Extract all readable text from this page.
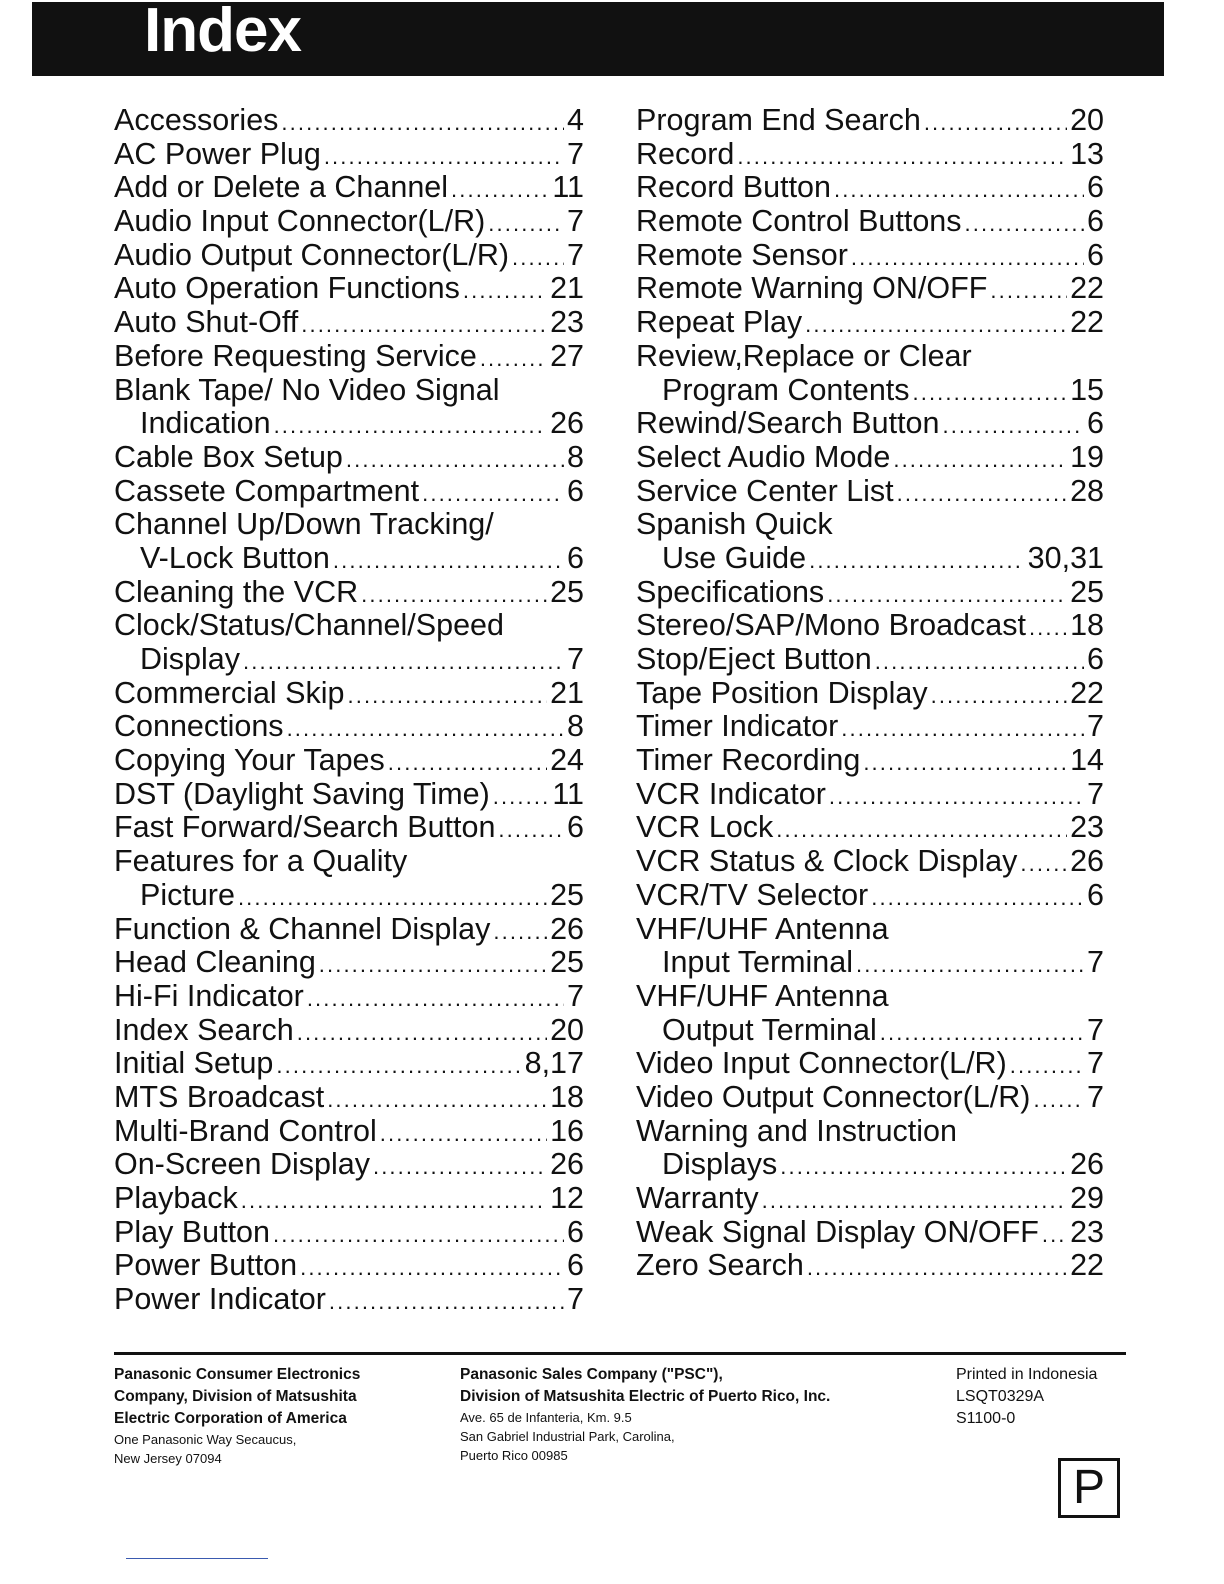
Index
Accessories . . .	4
AC Power Plug . . .	7
Add or Delete a Channel . . .	11
Audio Input Connector(L/R) . . .	7
Audio Output Connector(L/R) . . . 7
Auto Operation Functions . . .	21
Auto Shut-Off . . .	23
Before Requesting Service . . . 27
Blank Tape/ No Video Signal
Indication . . .	26
Cable Box Setup . . .	8
Cassete Compartment . . .	6
Channel Up/Down Tracking/
V-Lock Button . . .	6
Cleaning the VCR . . .	25
Clock/Status/Channel/Speed
Display . . .	7
Commercial Skip . . .	21
Connections . . .	8
Copying Your Tapes . . .	24
DST (Daylight Saving Time) . . . 11
Fast Forward/Search Button . . . 6
Features for a Quality
Picture . . .	25
Function & Channel Display . . . 26
Head Cleaning . . .	25
Hi-Fi Indicator . . .	7
Index Search . . .	20
Initial Setup . . .	8,17
MTS Broadcast . . .	18
Multi-Brand Control . . .	16
On-Screen Display . . .	26
Playback . . .	12
Play Button . . .	6
Power Button . . .	6
Power Indicator . . .	7
Program End Search . . .	20
Record . . .	13
Record Button . . .	6
Remote Control Buttons . . .	6
Remote Sensor . . .	6
Remote Warning ON/OFF . . .	22
Repeat Play . . .	22
Review,Replace or Clear
Program Contents . . .	15
Rewind/Search Button . . .	6
Select Audio Mode . . .	19
Service Center List . . .	28
Spanish Quick
Use Guide . . .	30,31
Specifications . . .	25
Stereo/SAP/Mono Broadcast . . . 18
Stop/Eject Button . . .	6
Tape Position Display . . .	22
Timer Indicator . . .	7
Timer Recording . . .	14
VCR Indicator . . .	7
VCR Lock . . .	23
VCR Status & Clock Display . . . 26
VCR/TV Selector . . .	6
VHF/UHF Antenna
Input Terminal . . .	7
VHF/UHF Antenna
Output Terminal . . .	7
Video Input Connector(L/R) . . .	7
Video Output Connector(L/R) . . . 7
Warning and Instruction
Displays . . .	26
Warranty . . .	29
Weak Signal Display ON/OFF . . . 23
Zero Search . . .	22
Panasonic Consumer Electronics
Company, Division of Matsushita
Electric Corporation of America
One Panasonic Way Secaucus,
New Jersey 07094
Panasonic Sales Company ("PSC"),
Division of Matsushita Electric of Puerto Rico, Inc.
Ave. 65 de Infanteria, Km. 9.5
San Gabriel Industrial Park, Carolina,
Puerto Rico 00985
Printed in Indonesia
LSQT0329A
S1100-0
P
